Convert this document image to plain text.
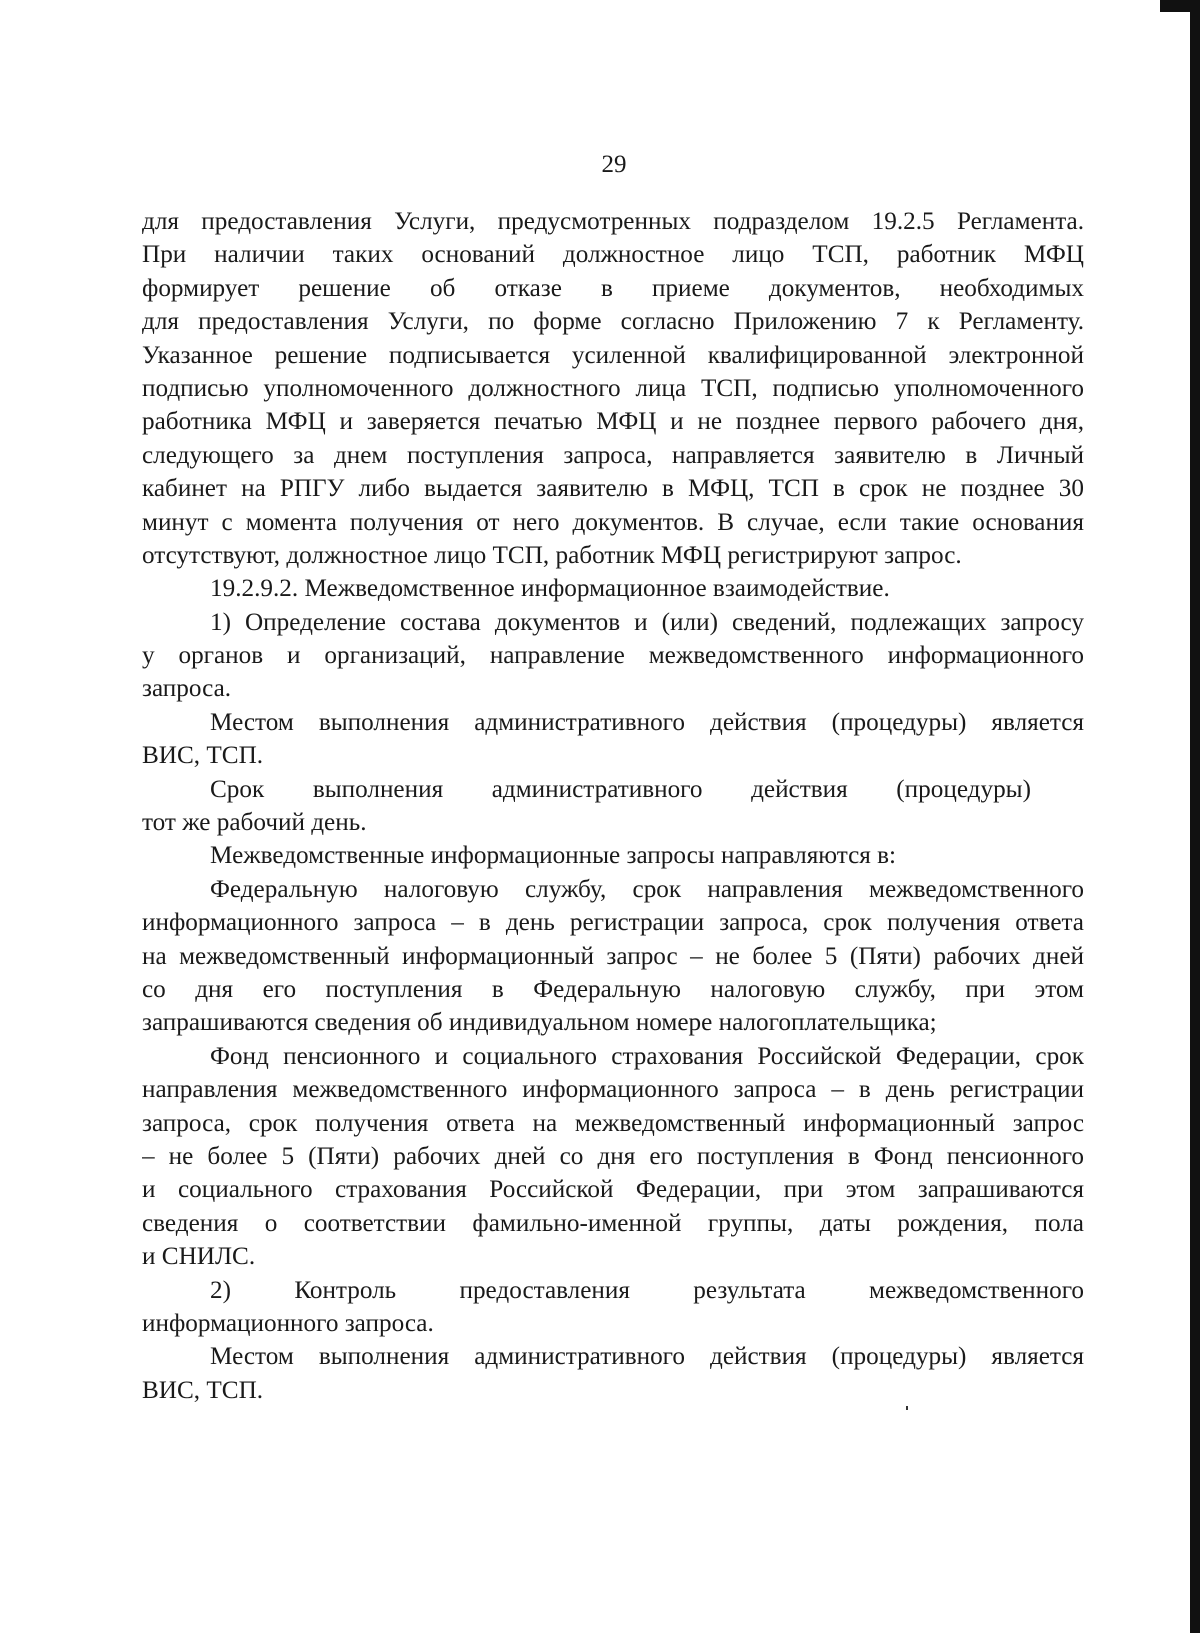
29
для предоставления Услуги, предусмотренных подразделом 19.2.5 Регламента.
При наличии таких оснований должностное лицо ТСП, работник МФЦ
формирует решение об отказе в приеме документов, необходимых
для предоставления Услуги, по форме согласно Приложению 7 к Регламенту.
Указанное решение подписывается усиленной квалифицированной электронной
подписью уполномоченного должностного лица ТСП, подписью уполномоченного
работника МФЦ и заверяется печатью МФЦ и не позднее первого рабочего дня,
следующего за днем поступления запроса, направляется заявителю в Личный
кабинет на РПГУ либо выдается заявителю в МФЦ, ТСП в срок не позднее 30
минут с момента получения от него документов. В случае, если такие основания
отсутствуют, должностное лицо ТСП, работник МФЦ регистрируют запрос.
19.2.9.2. Межведомственное информационное взаимодействие.
1) Определение состава документов и (или) сведений, подлежащих запросу
у органов и организаций, направление межведомственного информационного
запроса.
Местом выполнения административного действия (процедуры) является
ВИС, ТСП.
Срок выполнения административного действия (процедуры)
тот же рабочий день.
Межведомственные информационные запросы направляются в:
Федеральную налоговую службу, срок направления межведомственного
информационного запроса – в день регистрации запроса, срок получения ответа
на межведомственный информационный запрос – не более 5 (Пяти) рабочих дней
со дня его поступления в Федеральную налоговую службу, при этом
запрашиваются сведения об индивидуальном номере налогоплательщика;
Фонд пенсионного и социального страхования Российской Федерации, срок
направления межведомственного информационного запроса – в день регистрации
запроса, срок получения ответа на межведомственный информационный запрос
– не более 5 (Пяти) рабочих дней со дня его поступления в Фонд пенсионного
и социального страхования Российской Федерации, при этом запрашиваются
сведения о соответствии фамильно-именной группы, даты рождения, пола
и СНИЛС.
2) Контроль предоставления результата межведомственного
информационного запроса.
Местом выполнения административного действия (процедуры) является
ВИС, ТСП.
